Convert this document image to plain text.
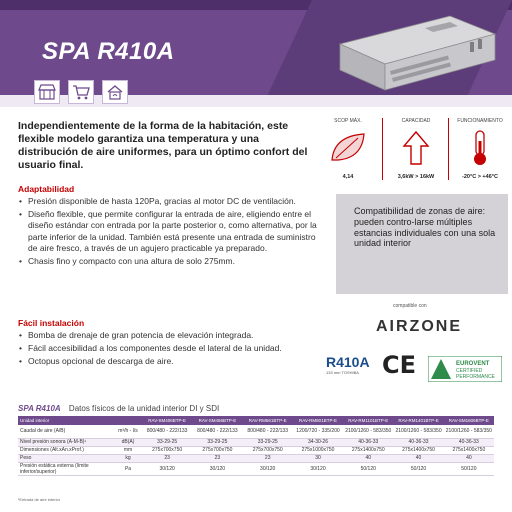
SPA R410A
Independientemente de la forma de la habitación, este flexible modelo garantiza una temperatura y una distribución de aire uniformes, para un óptimo confort del usuario final.
SCOP MÁX.
4,14
CAPACIDAD
3,6kW > 16kW
FUNCIONAMIENTO
-20°C > +46°C
Adaptabilidad
• Presión disponible de hasta 120Pa, gracias al motor DC de ventilación.
• Diseño flexible, que permite configurar la entrada de aire, eligiendo entre el diseño estándar con entrada por la parte posterior o, como alternativa, por la parte inferior de la unidad. También está presente una entrada de suministro de aire fresco, a través de un agujero practicable ya preparado.
• Chasis fino y compacto con una altura de solo 275mm.
Fácil instalación
• Bomba de drenaje de gran potencia de elevación integrada.
• Fácil accesibilidad a los componentes desde el lateral de la unidad.
• Octopus opcional de descarga de aire.
Compatibilidad de zonas de aire: pueden contro-larse múltiples estancias individuales con una sola unidad interior
compatible con
AIRZONE
R410A
133 mm TOSHIBA CE	EUROVENT
CERTIFIED
PERFORMANCE
SPA R410A Datos físicos de la unidad interior DI y SDI
Unidad interior		RAV-SM406BTP-E	RAV-SM456BTP-E	RAV-RM561BTP-E	RAV-RM801BTP-E	RAV-RM1101BTP-E	RAV-RM1401BTP-E	RAV-SM1606BTP-E
Caudal de aire (A/B)	m³/h - l/s	800/480 - 222/133	800/480 - 222/133	800/480 - 222/133	1200/720 - 335/200	2100/1260 - 583/350	2100/1260 - 583/350	2100/1260 - 583/350
Nivel presión sonora (A-M-B)¹	dB(A)	33-29-25	33-29-25	33-29-25	34-30-26	40-36-33	40-36-33	40-36-33
Dimensiones (Alt.xAn.xProf.)	mm	275x700x750	275x700x750	275x700x750	275x1000x750	275x1400x750	275x1400x750	275x1400x750
Peso	kg	23	23	23	30	40	40	40
Presión estática externa (límite inferior/superior)	Pa	30/120	30/120	30/120	30/120	50/120	50/120	50/120
¹Entrada de aire interior
